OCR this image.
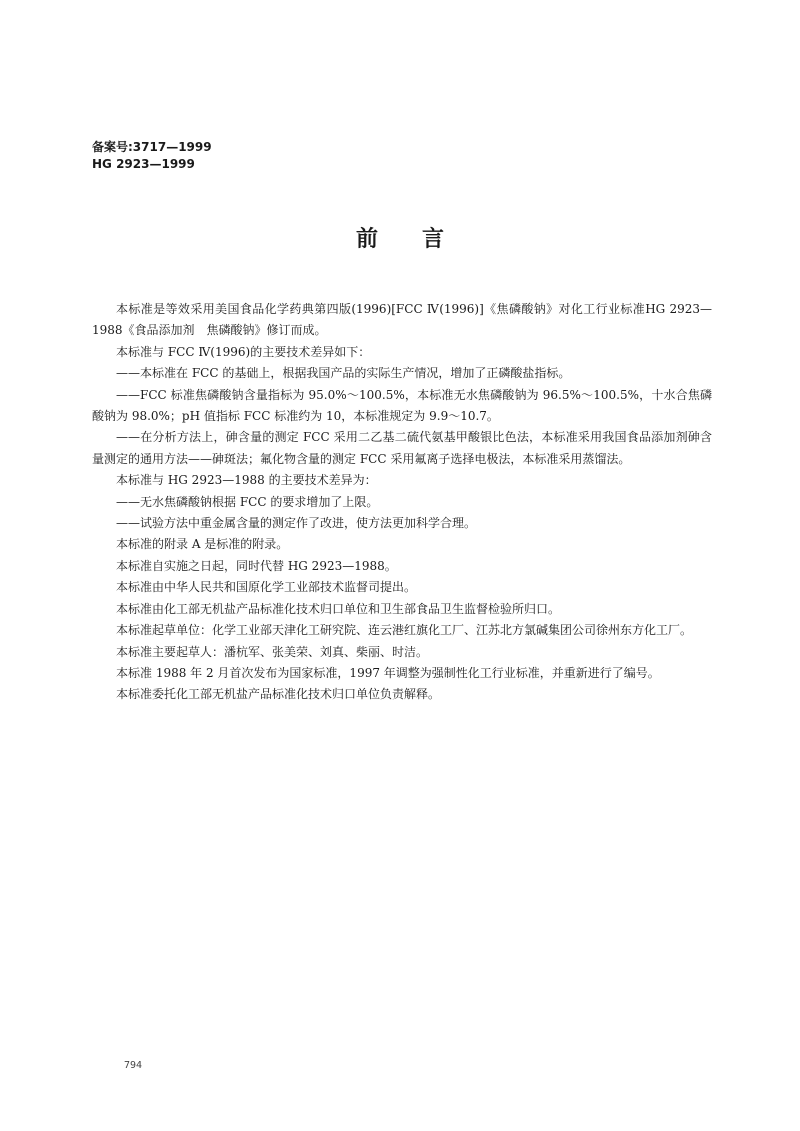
备案号:3717—1999
HG 2923—1999
前言

本标准是等效采用美国食品化学药典第四版(1996)[FCC Ⅳ(1996)]《焦磷酸钠》对化工行业标准HG 2923—1988《食品添加剂　焦磷酸钠》修订而成。

本标准与 FCC Ⅳ(1996)的主要技术差异如下：

——本标准在 FCC 的基础上，根据我国产品的实际生产情况，增加了正磷酸盐指标。

——FCC 标准焦磷酸钠含量指标为 95.0%～100.5%，本标准无水焦磷酸钠为 96.5%～100.5%，十水合焦磷酸钠为 98.0%；pH 值指标 FCC 标准约为 10，本标准规定为 9.9～10.7。

——在分析方法上，砷含量的测定 FCC 采用二乙基二硫代氨基甲酸银比色法，本标准采用我国食品添加剂砷含量测定的通用方法——砷斑法；氟化物含量的测定 FCC 采用氟离子选择电极法，本标准采用蒸馏法。

本标准与 HG 2923—1988 的主要技术差异为：

——无水焦磷酸钠根据 FCC 的要求增加了上限。

——试验方法中重金属含量的测定作了改进，使方法更加科学合理。

本标准的附录 A 是标准的附录。

本标准自实施之日起，同时代替 HG 2923—1988。

本标准由中华人民共和国原化学工业部技术监督司提出。

本标准由化工部无机盐产品标准化技术归口单位和卫生部食品卫生监督检验所归口。

本标准起草单位：化学工业部天津化工研究院、连云港红旗化工厂、江苏北方氯碱集团公司徐州东方化工厂。

本标准主要起草人：潘杭军、张美荣、刘真、柴丽、时洁。

本标准 1988 年 2 月首次发布为国家标准，1997 年调整为强制性化工行业标准，并重新进行了编号。

本标准委托化工部无机盐产品标准化技术归口单位负责解释。

794
